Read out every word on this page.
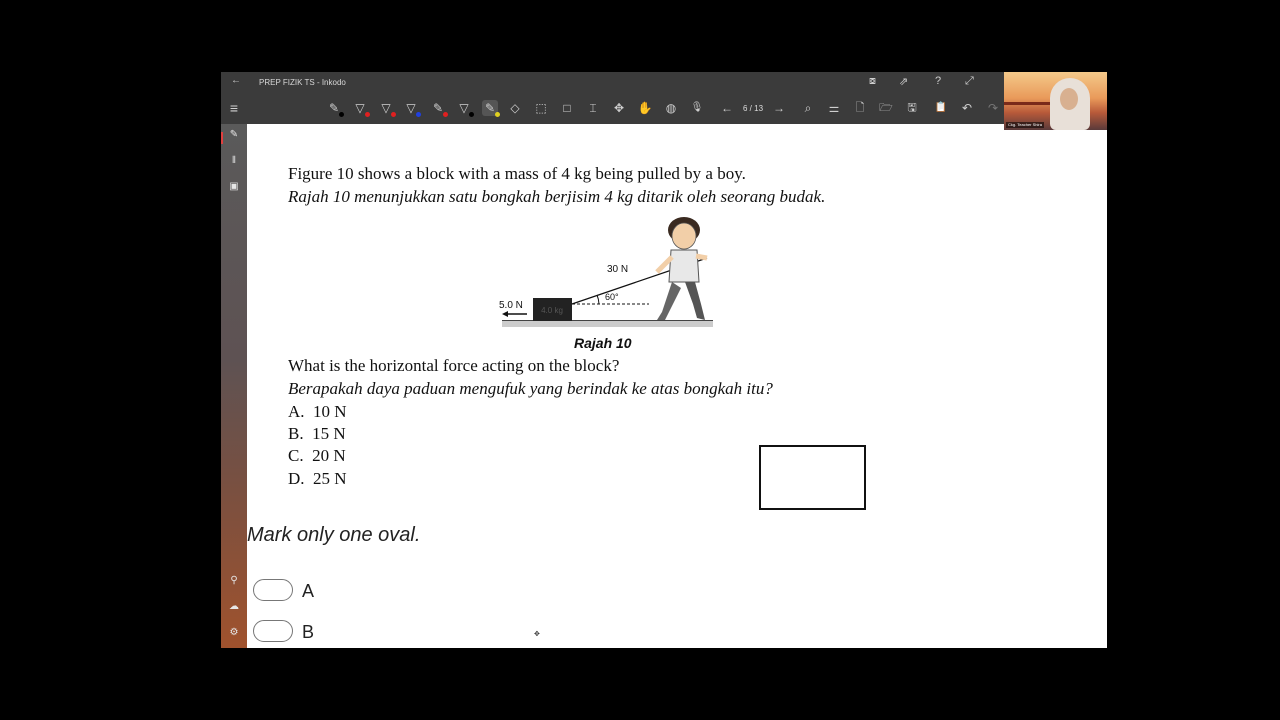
← PREP FIZIK TS - Inkodo	⧇ ⇗ ? ⤢
≡	✎ ▽ ▽ ▽ ✎ ▽ ✎ ◇ ⬚	□	⌶	✥ ✋ ◍ 🎙 ← 6 / 13 →	⌕	⚌	🗋	🗁	🖫	📋 ↶ ↷
✎
𝍪
▣
⚲
☁
⚙
Figure 10 shows a block with a mass of 4 kg being pulled by a boy.
Rajah 10 menunjukkan satu bongkah berjisim 4 kg ditarik oleh seorang budak.
4.0 kg
5.0 N
60°
30 N
Rajah 10
What is the horizontal force acting on the block?
Berapakah daya paduan mengufuk yang berindak ke atas bongkah itu?
A. 10 N
B. 15 N
C. 20 N
D. 25 N
Mark only one oval.
A
B	✥
Ckg. Teacher Shira
